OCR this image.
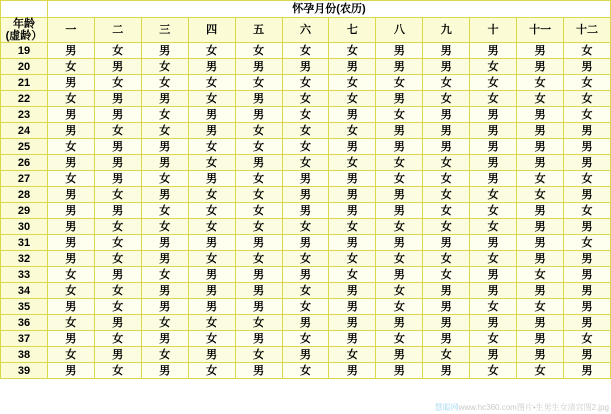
	怀孕月份(农历)											

年龄
(虚龄）	一	二	三	四	五	六	七	八	九	十	十一	十二
19	男	女	男	女	女	女	女	男	男	男	男	女
20	女	男	女	男	男	男	男	男	男	女	男	男
21	男	女	女	女	女	女	女	女	女	女	女	女
22	女	男	男	女	男	女	女	男	女	女	女	女
23	男	男	女	男	男	女	男	女	男	男	男	女
24	男	女	女	男	女	女	女	男	男	男	男	男
25	女	男	男	女	女	女	男	男	男	男	男	男
26	男	男	男	女	男	女	女	女	女	男	男	男
27	女	男	女	男	女	男	男	女	女	男	女	女
28	男	女	男	女	女	男	男	男	女	女	女	男
29	男	男	女	女	女	男	男	男	女	女	男	女
30	男	女	女	女	女	女	女	女	女	女	男	男
31	男	女	男	男	男	男	男	男	男	男	男	女
32	男	女	男	女	女	女	女	女	女	女	男	男
33	女	男	女	男	男	男	女	男	女	男	女	男
34	女	女	男	男	男	女	男	女	男	男	男	男
35	男	女	男	男	男	女	男	女	男	女	女	男
36	女	男	女	女	女	男	男	男	男	男	男	男
37	男	女	男	女	男	女	男	女	男	女	男	女
38	女	男	女	男	女	男	女	男	女	男	男	男
39	男	女	男	女	男	女	男	男	男	女	女	男
慧聪网www.hc360.com图片•生男生女清宫图2.jpg
